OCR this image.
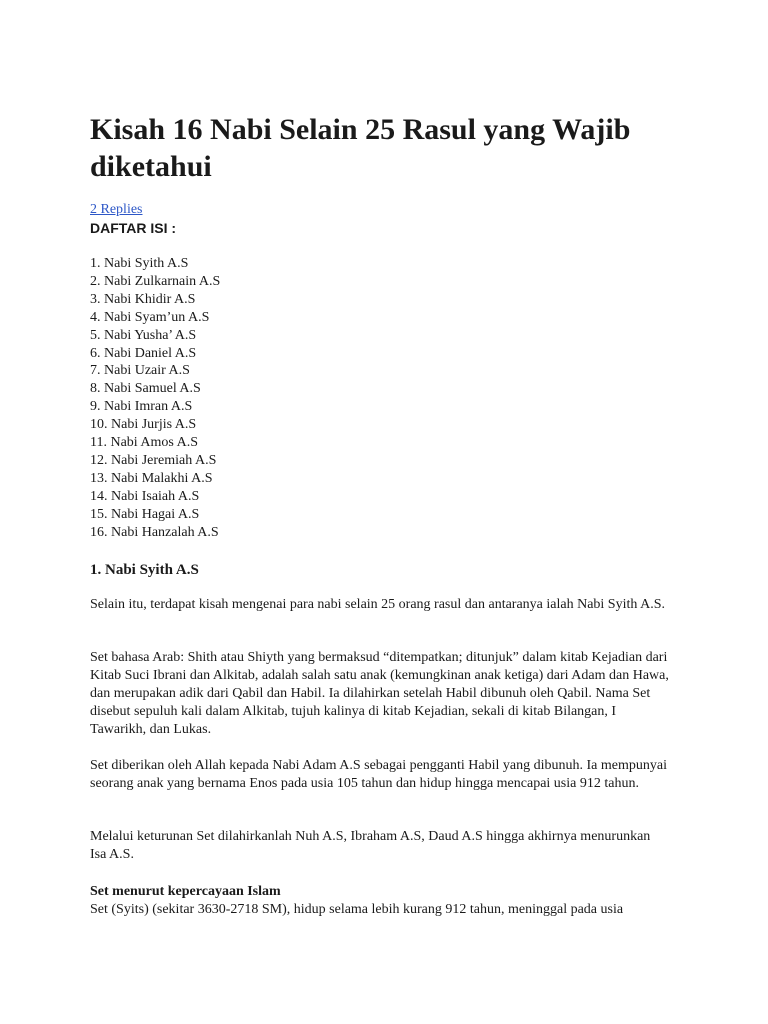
Kisah 16 Nabi Selain 25 Rasul yang Wajib diketahui
2 Replies
DAFTAR ISI :
1. Nabi Syith A.S
2. Nabi Zulkarnain A.S
3. Nabi Khidir A.S
4. Nabi Syam’un A.S
5. Nabi Yusha’ A.S
6. Nabi Daniel A.S
7. Nabi Uzair A.S
8. Nabi Samuel A.S
9. Nabi Imran A.S
10. Nabi Jurjis A.S
11. Nabi Amos A.S
12. Nabi Jeremiah A.S
13. Nabi Malakhi A.S
14. Nabi Isaiah A.S
15. Nabi Hagai A.S
16. Nabi Hanzalah A.S
1. Nabi Syith A.S

Selain itu, terdapat kisah mengenai para nabi selain 25 orang rasul dan antaranya ialah Nabi Syith A.S.

Set bahasa Arab: Shith atau Shiyth yang bermaksud “ditempatkan; ditunjuk” dalam kitab Kejadian dari Kitab Suci Ibrani dan Alkitab, adalah salah satu anak (kemungkinan anak ketiga) dari Adam dan Hawa, dan merupakan adik dari Qabil dan Habil. Ia dilahirkan setelah Habil dibunuh oleh Qabil. Nama Set disebut sepuluh kali dalam Alkitab, tujuh kalinya di kitab Kejadian, sekali di kitab Bilangan, I Tawarikh, dan Lukas.

Set diberikan oleh Allah kepada Nabi Adam A.S sebagai pengganti Habil yang dibunuh. Ia mempunyai seorang anak yang bernama Enos pada usia 105 tahun dan hidup hingga mencapai usia 912 tahun.

Melalui keturunan Set dilahirkanlah Nuh A.S, Ibraham A.S, Daud A.S hingga akhirnya menurunkan Isa A.S.

Set menurut kepercayaan Islam

Set (Syits) (sekitar 3630-2718 SM), hidup selama lebih kurang 912 tahun, meninggal pada usia
